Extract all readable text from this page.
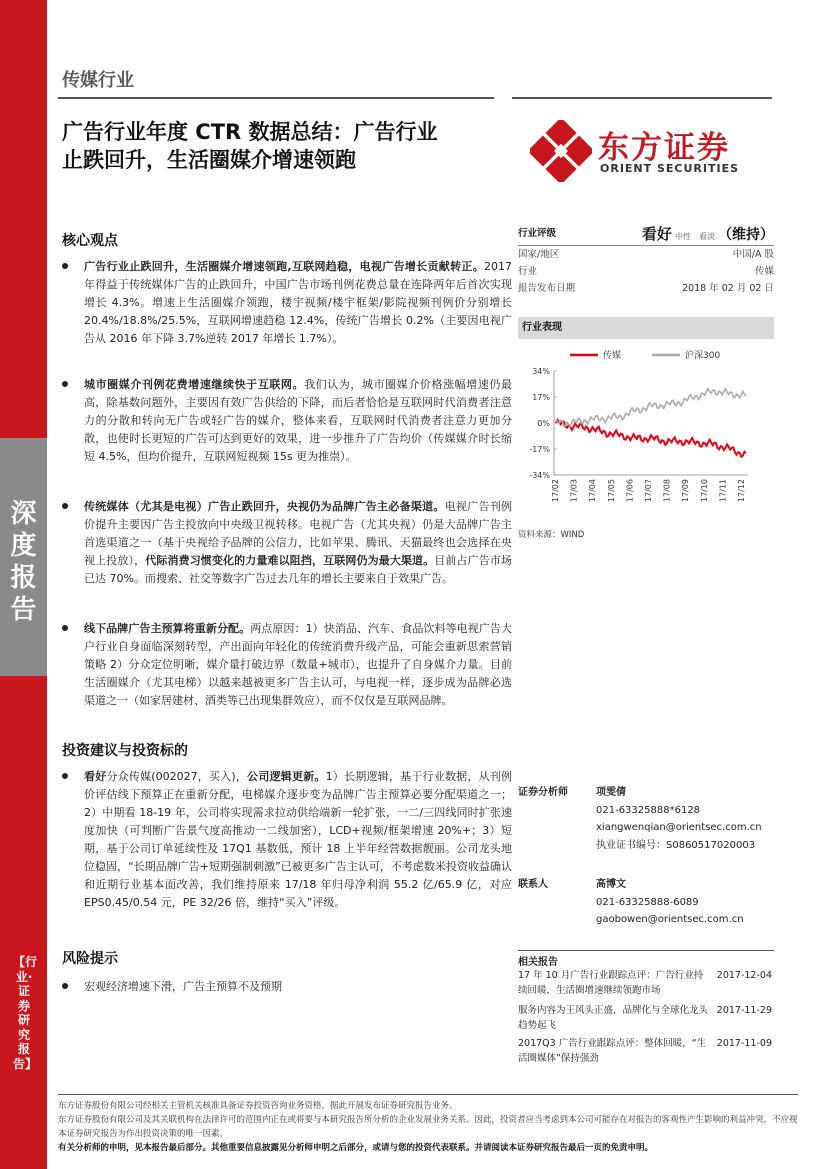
深度报告
【行业·证券研究报告】
传媒行业
广告行业年度 CTR 数据总结：广告行业
止跌回升，生活圈媒介增速领跑	东方证券
ORIENT SECURITIES
核心观点
广告行业止跌回升，生活圈媒介增速领跑,互联网趋稳，电视广告增长贡献转正。2017 年得益于传统媒体广告的止跌回升，中国广告市场刊例花费总量在连降两年后首次实现增长 4.3%。增速上生活圈媒介领跑，楼宇视频/楼宇框架/影院视频刊例价分别增长 20.4%/18.8%/25.5%，互联网增速趋稳 12.4%，传统广告增长 0.2%（主要因电视广告从 2016 年下降 3.7%逆转 2017 年增长 1.7%）。
城市圈媒介刊例花费增速继续快于互联网。我们认为，城市圈媒介价格涨幅增速仍最高，除基数问题外，主要因有效广告供给的下降，而后者恰恰是互联网时代消费者注意力的分散和转向无广告或轻广告的媒介，整体来看，互联网时代消费者注意力更加分散，也使时长更短的广告可达到更好的效果，进一步推升了广告均价（传媒媒介时长缩短 4.5%，但均价提升，互联网短视频 15s 更为推崇）。
传统媒体（尤其是电视）广告止跌回升，央视仍为品牌广告主必备渠道。电视广告刊例价提升主要因广告主投放向中央级卫视转移。电视广告（尤其央视）仍是大品牌广告主首选渠道之一（基于央视给予品牌的公信力，比如苹果、腾讯、天猫最终也会选择在央视上投放），代际消费习惯变化的力量难以阻挡，互联网仍为最大渠道。目前占广告市场已达 70%。而搜索、社交等数字广告过去几年的增长主要来自于效果广告。
线下品牌广告主预算将重新分配。两点原因：1）快消品、汽车、食品饮料等电视广告大户行业自身面临深刻转型，产出面向年轻化的传统消费升级产品，可能会重新思索营销策略 2）分众定位明晰，媒介量打破边界（数量+城市），也提升了自身媒介力量。目前生活圈媒介（尤其电梯）以越来越被更多广告主认可，与电视一样，逐步成为品牌必选渠道之一（如家居建材、酒类等已出现集群效应），而不仅仅是互联网品牌。
投资建议与投资标的
看好分众传媒(002027，买入)，公司逻辑更新。1）长期逻辑，基于行业数据，从刊例价评估线下预算正在重新分配，电梯媒介逐步变为品牌广告主预算必要分配渠道之一；2）中期看 18-19 年，公司将实现需求拉动供给端新一轮扩张，一二/三四线同时扩张速度加快（可判断广告景气度高推动一二线加密），LCD+视频/框架增速 20%+；3）短期，基于公司订单延续性及 17Q1 基数低，预计 18 上半年经营数据靓丽。公司龙头地位稳固，“长期品牌广告+短期强制刺激”已被更多广告主认可，不考虑数米投资收益确认和近期行业基本面改善，我们维持原来 17/18 年归母净利润 55.2 亿/65.9 亿，对应 EPS0.45/0.54 元，PE 32/26 倍，维持“买入”评级。
风险提示
宏观经济增速下滑，广告主预算不及预期
行业评级	看好 中性　看淡 （维持）
国家/地区	中国/A 股
行业	传媒
报告发布日期	2018 年 02 月 02 日
行业表现
传媒	沪深300
34%
17%
0%
-17%
-34%
17/02 17/03 17/04 17/05 17/06 17/07 17/08 17/09 17/10 17/11 17/12
资料来源：WIND
证券分析师	项雯倩
021-63325888*6128
xiangwenqian@orientsec.com.cn
执业证书编号：S0860517020003
联系人	高博文
021-63325888-6089
gaobowen@orientsec.com.cn
相关报告
17 年 10 月广告行业跟踪点评：广告行业持续回暖，生活圈增速继续领跑市场
2017-12-04
服务内容为王风头正盛，品牌化与全球化龙头趋势起飞
2017-11-29
2017Q3 广告行业跟踪点评：整体回暖，“生活圈媒体”保持强劲
2017-11-09
东方证券股份有限公司经相关主管机关核准具备证券投资咨询业务资格，据此开展发布证券研究报告业务。
东方证券股份有限公司及其关联机构在法律许可的范围内正在或将要与本研究报告所分析的企业发展业务关系。因此，投资者应当考虑到本公司可能存在对报告的客观性产生影响的利益冲突，不应视本证券研究报告为作出投资决策的唯一因素。
有关分析师的申明，见本报告最后部分。其他重要信息披露见分析师申明之后部分，或请与您的投资代表联系。并请阅读本证券研究报告最后一页的免责申明。
